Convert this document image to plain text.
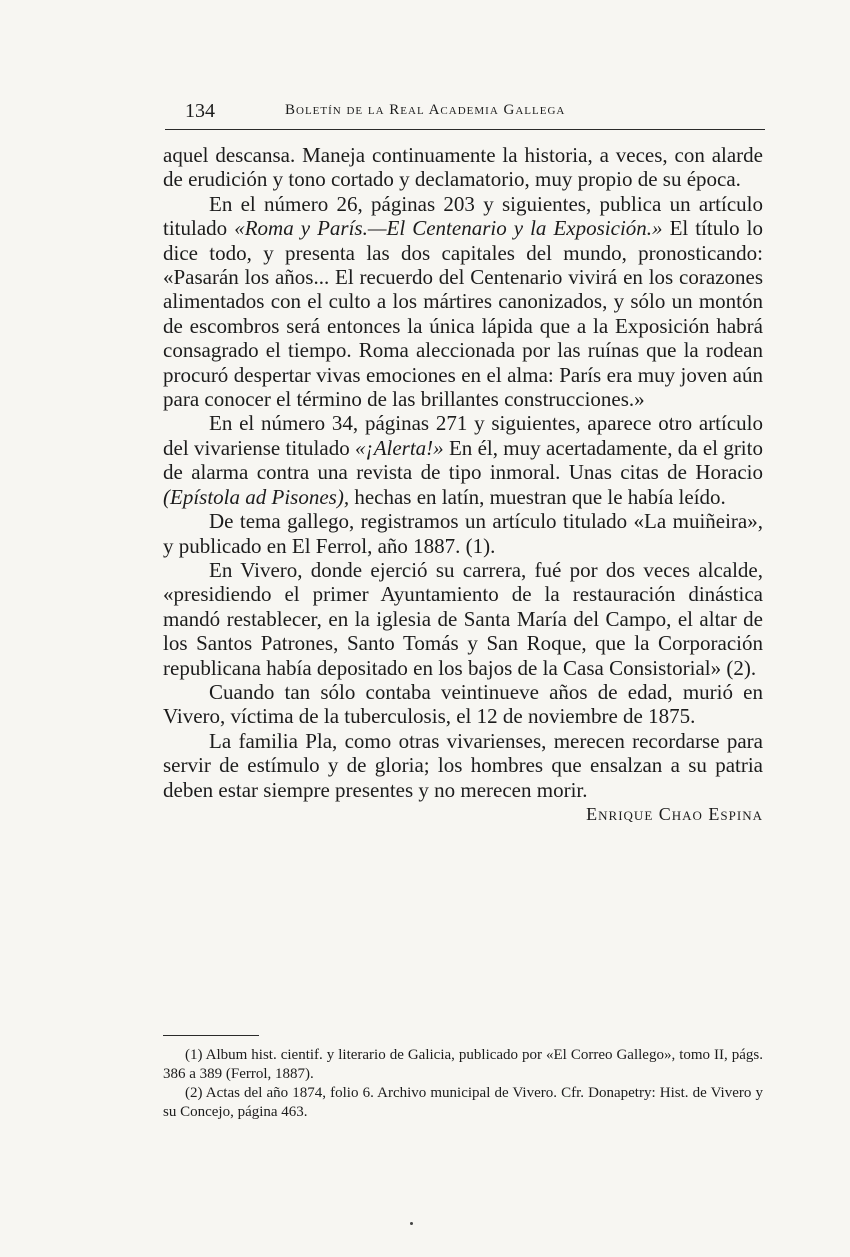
134	Boletín de la Real Academia Gallega

aquel descansa. Maneja continuamente la historia, a veces, con alarde de erudición y tono cortado y declamatorio, muy propio de su época.

En el número 26, páginas 203 y siguientes, publica un artículo titulado «Roma y París.—El Centenario y la Exposición.» El título lo dice todo, y presenta las dos capitales del mundo, pronosticando: «Pasarán los años... El recuerdo del Centenario vivirá en los corazones alimentados con el culto a los mártires canonizados, y sólo un montón de escombros será entonces la única lápida que a la Exposición habrá consagrado el tiempo. Roma aleccionada por las ruínas que la rodean procuró despertar vivas emociones en el alma: París era muy joven aún para conocer el término de las brillantes construcciones.»

En el número 34, páginas 271 y siguientes, aparece otro artículo del vivariense titulado «¡Alerta!» En él, muy acertadamente, da el grito de alarma contra una revista de tipo inmoral. Unas citas de Horacio (Epístola ad Pisones), hechas en latín, muestran que le había leído.

De tema gallego, registramos un artículo titulado «La muiñeira», y publicado en El Ferrol, año 1887. (1).

En Vivero, donde ejerció su carrera, fué por dos veces alcalde, «presidiendo el primer Ayuntamiento de la restauración dinástica mandó restablecer, en la iglesia de Santa María del Campo, el altar de los Santos Patrones, Santo Tomás y San Roque, que la Corporación republicana había depositado en los bajos de la Casa Consistorial» (2).

Cuando tan sólo contaba veintinueve años de edad, murió en Vivero, víctima de la tuberculosis, el 12 de noviembre de 1875.

La familia Pla, como otras vivarienses, merecen recordarse para servir de estímulo y de gloria; los hombres que ensalzan a su patria deben estar siempre presentes y no merecen morir.

Enrique Chao Espina

(1) Album hist. cientif. y literario de Galicia, publicado por «El Correo Gallego», tomo II, págs. 386 a 389 (Ferrol, 1887).

(2) Actas del año 1874, folio 6. Archivo municipal de Vivero. Cfr. Donapetry: Hist. de Vivero y su Concejo, página 463.
